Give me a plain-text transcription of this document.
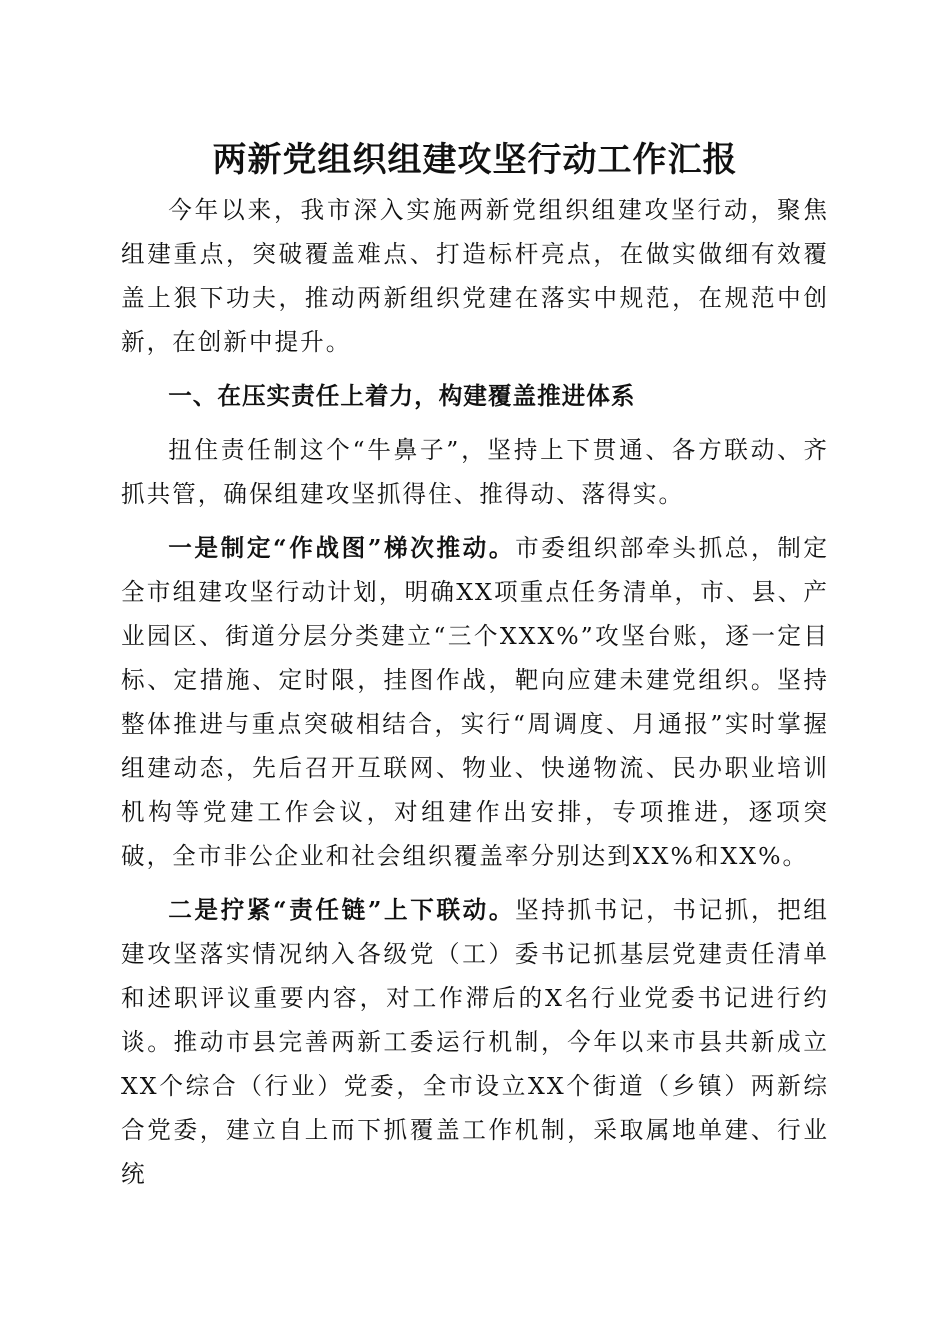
两新党组织组建攻坚行动工作汇报

今年以来，我市深入实施两新党组织组建攻坚行动，聚焦组建重点，突破覆盖难点、打造标杆亮点，在做实做细有效覆盖上狠下功夫，推动两新组织党建在落实中规范，在规范中创新，在创新中提升。

一、在压实责任上着力，构建覆盖推进体系

扭住责任制这个“牛鼻子”，坚持上下贯通、各方联动、齐抓共管，确保组建攻坚抓得住、推得动、落得实。

一是制定“作战图”梯次推动。市委组织部牵头抓总，制定全市组建攻坚行动计划，明确XX项重点任务清单，市、县、产业园区、街道分层分类建立“三个XXX%”攻坚台账，逐一定目标、定措施、定时限，挂图作战，靶向应建未建党组织。坚持整体推进与重点突破相结合，实行“周调度、月通报”实时掌握组建动态，先后召开互联网、物业、快递物流、民办职业培训机构等党建工作会议，对组建作出安排，专项推进，逐项突破，全市非公企业和社会组织覆盖率分别达到XX%和XX%。

二是拧紧“责任链”上下联动。坚持抓书记，书记抓，把组建攻坚落实情况纳入各级党（工）委书记抓基层党建责任清单和述职评议重要内容，对工作滞后的X名行业党委书记进行约谈。推动市县完善两新工委运行机制，今年以来市县共新成立XX个综合（行业）党委，全市设立XX个街道（乡镇）两新综合党委，建立自上而下抓覆盖工作机制，采取属地单建、行业统
